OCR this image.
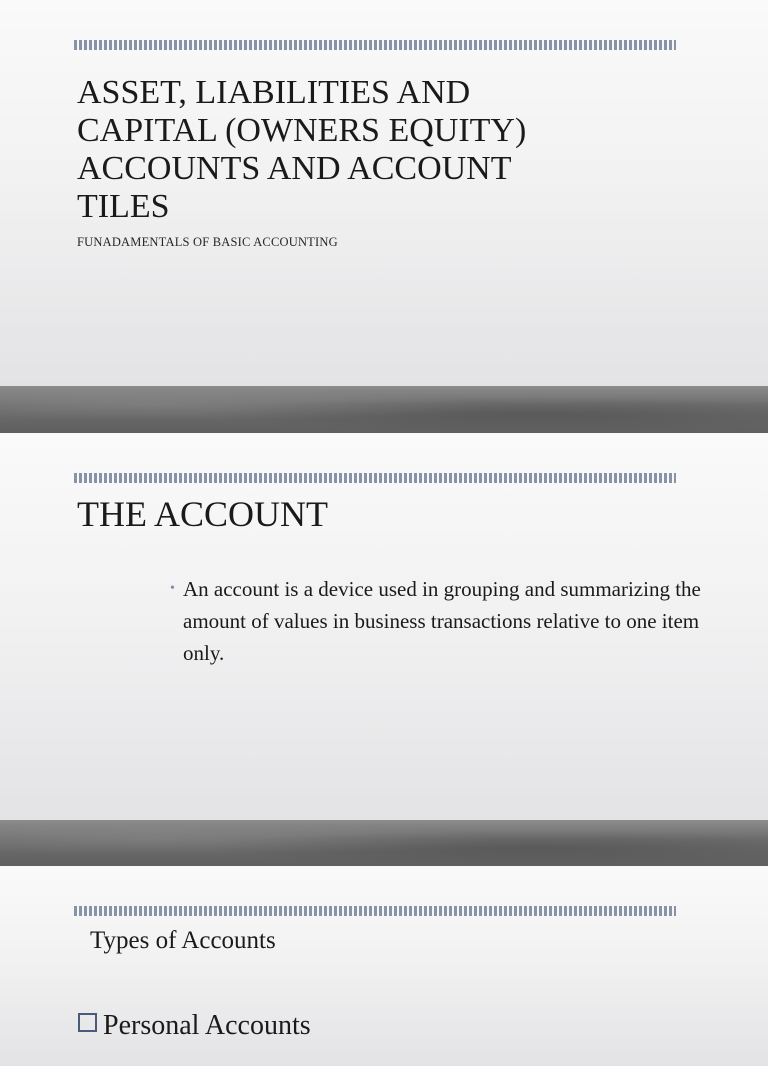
ASSET, LIABILITIES AND CAPITAL (OWNERS EQUITY) ACCOUNTS AND ACCOUNT TILES
FUNADAMENTALS OF BASIC ACCOUNTING
THE ACCOUNT
• An account is a device used in grouping and summarizing the amount of values in business transactions relative to one item only.
Types of Accounts
Personal Accounts
